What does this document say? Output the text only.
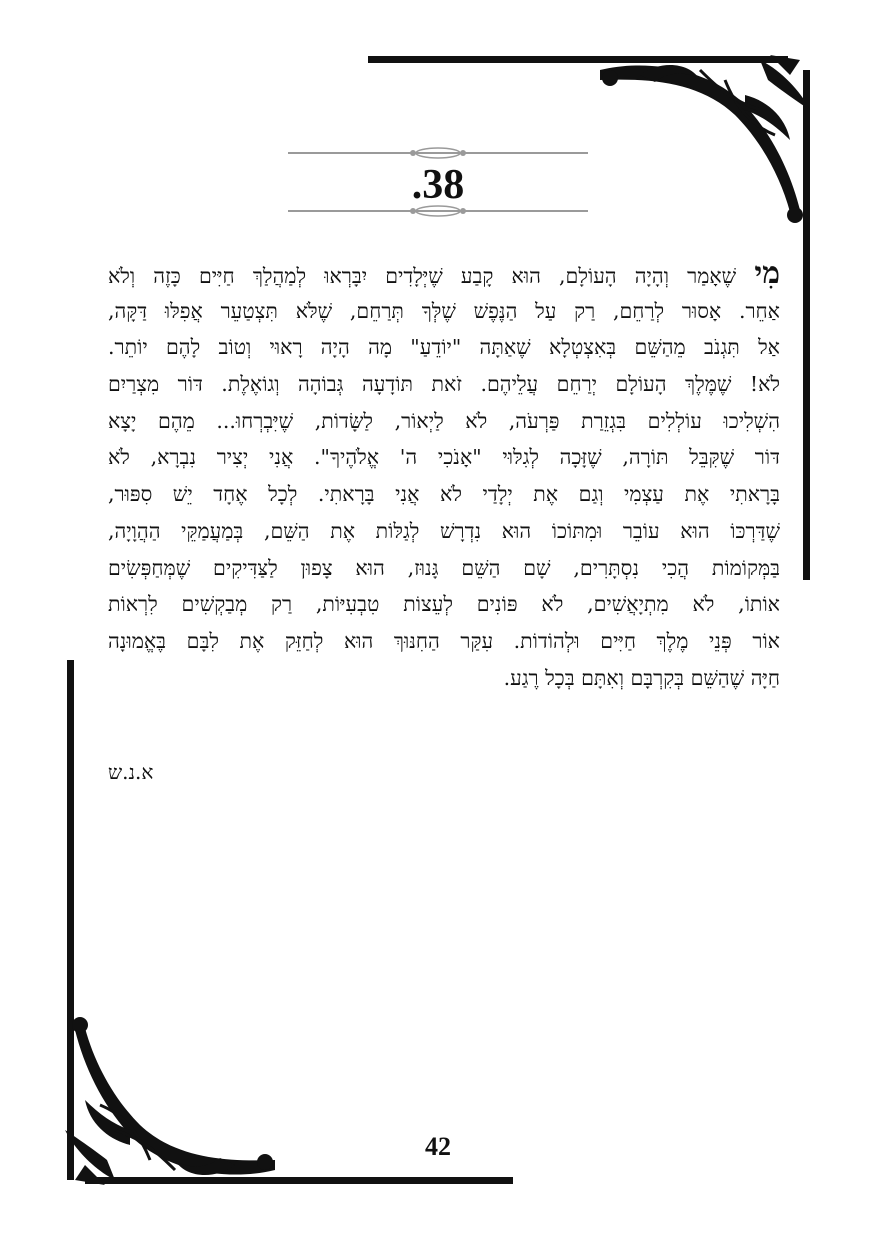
.38
מִי שֶׁאָמַר וְהָיָה הָעוֹלָם, הוּא קָבַע שֶׁיְּלָדִים יִבָּרְאוּ לְמַהֲלַךְ חַיִּים כָּזֶה וְלֹא
אַחֵר. אָסוּר לְרַחֵם, רַק עַל הַנֶּפֶשׁ שֶׁלְּךָ תְּרַחֵם, שֶׁלֹּא תִּצְטַעֵר אֲפִלּוּ דַּקָּה,
אַל תִּגְנֹב מֵהַשֵּׁם בְּאִצְטְלָא שֶׁאַתָּה "יוֹדֵעַ" מָה הָיָה רָאוּי וְטוֹב לָהֶם יוֹתֵר.
לֹא! שֶׁמֶּלֶךְ הָעוֹלָם יְרַחֵם עֲלֵיהֶם. זֹאת תּוֹדָעָה גְּבוֹהָה וְגוֹאֶלֶת. דּוֹר מִצְרַיִם
הִשְׁלִיכוּ עוֹלְלִים בִּגְזֵרַת פַּרְעֹה, לֹא לַיְאוֹר, לַשָּׂדוֹת, שֶׁיִּבְרְחוּ... מֵהֶם יָצָא
דּוֹר שֶׁקִּבֵּל תּוֹרָה, שֶׁזָּכָה לְגִלּוּי "אָנֹכִי ה' אֱלֹהֶיךָ". אֲנִי יְצִיר נִבְרָא, לֹא
בָּרָאתִי אֶת עַצְמִי וְגַם אֶת יְלָדַי לֹא אֲנִי בָּרָאתִי. לְכָל אֶחָד יֵשׁ סִפּוּר,
שֶׁדַּרְכּוֹ הוּא עוֹבֵר וּמִתּוֹכוֹ הוּא נִדְרָשׁ לְגַלּוֹת אֶת הַשֵּׁם, בְּמַעֲמַקֵּי הַהֲוָיָה,
בַּמְּקוֹמוֹת הֲכִי נִסְתָּרִים, שָׁם הַשֵּׁם גָּנוּז, הוּא צָפוּן לַצַּדִּיקִים שֶׁמְּחַפְּשִׂים
אוֹתוֹ, לֹא מִתְיָאֲשִׁים, לֹא פּוֹנִים לְעֵצוֹת טִבְעִיּוֹת, רַק מְבַקְשִׁים לִרְאוֹת
אוֹר פְּנֵי מֶלֶךְ חַיִּים וּלְהוֹדוֹת. עִקַּר הַחִנּוּךְ הוּא לְחַזֵּק אֶת לִבָּם בֶּאֱמוּנָה
חַיָּה שֶׁהַשֵּׁם בְּקִרְבָּם וְאִתָּם בְּכָל רֶגַע.
א.נ.ש
42
